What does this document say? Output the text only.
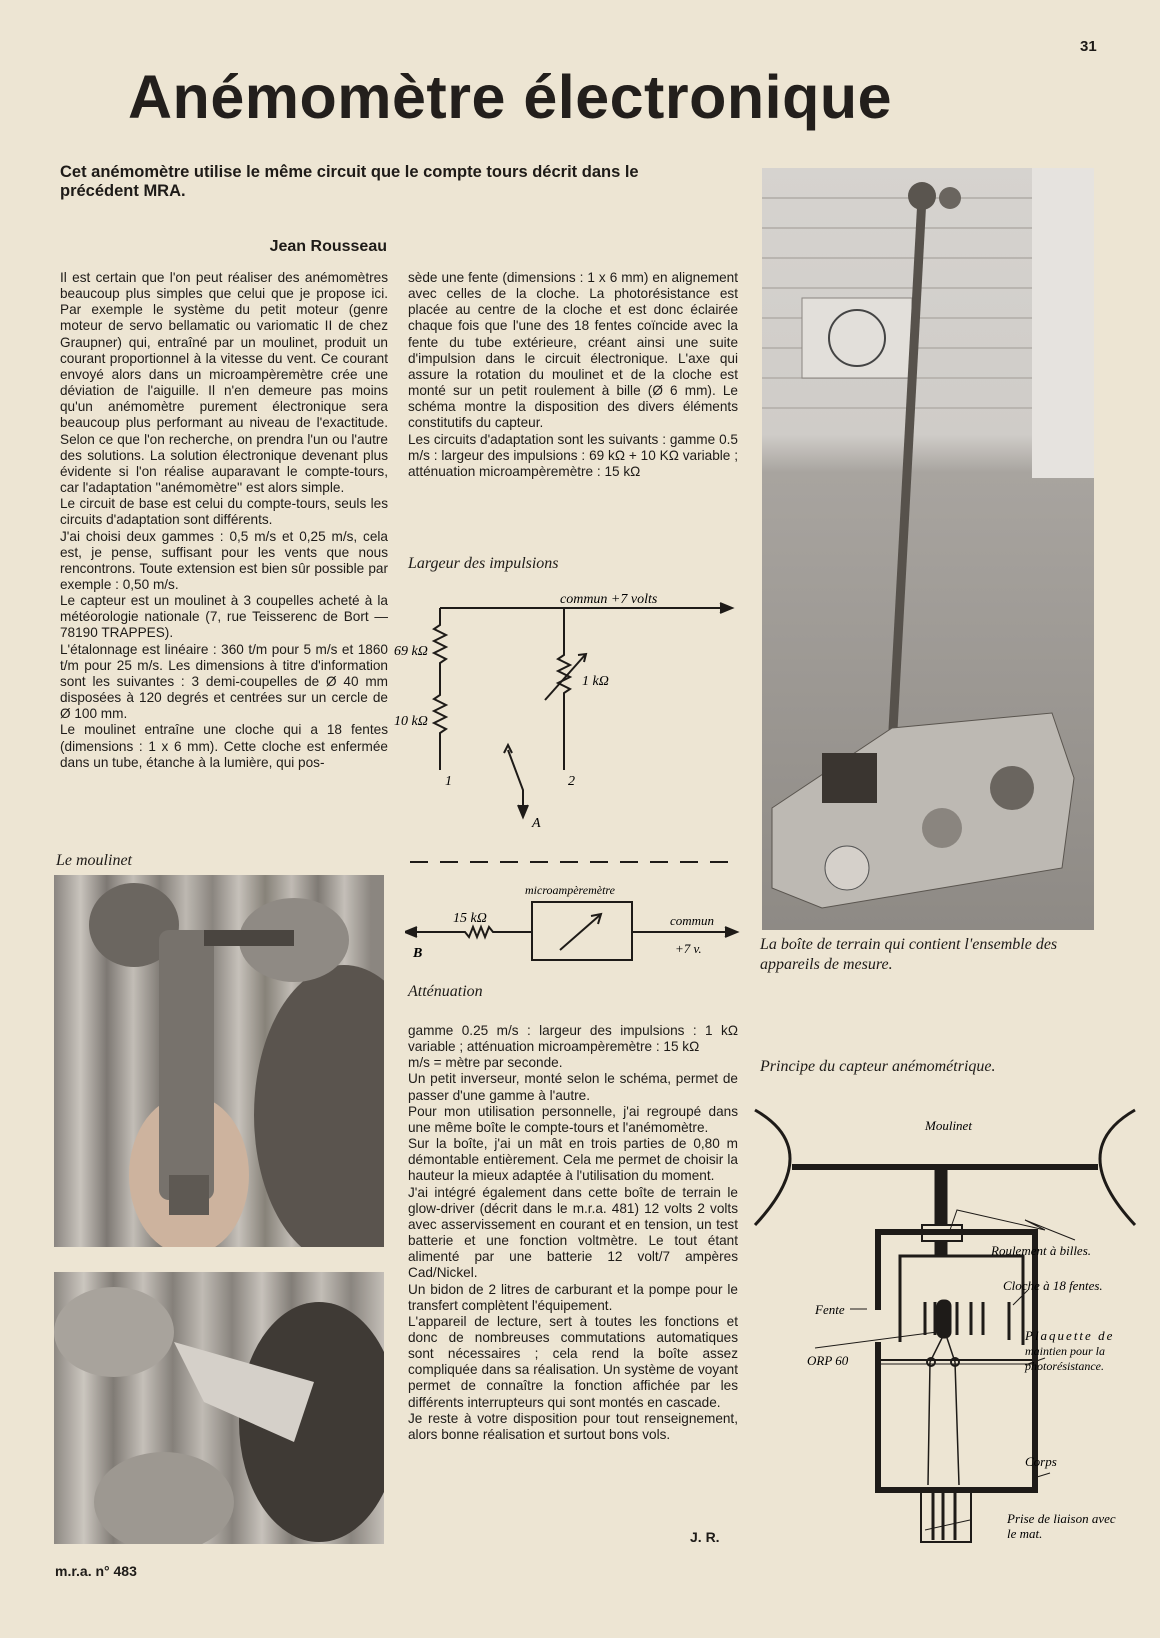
31
Anémomètre électronique
Cet anémomètre utilise le même circuit que le compte tours décrit dans le précédent MRA.
Jean Rousseau

Il est certain que l'on peut réaliser des anémomètres beaucoup plus simples que celui que je propose ici. Par exemple le système du petit moteur (genre moteur de servo bellamatic ou variomatic II de chez Graupner) qui, entraîné par un moulinet, produit un courant proportionnel à la vitesse du vent. Ce courant envoyé alors dans un microampèremètre crée une déviation de l'aiguille. Il n'en demeure pas moins qu'un anémomètre purement électronique sera beaucoup plus performant au niveau de l'exactitude. Selon ce que l'on recherche, on prendra l'un ou l'autre des solutions. La solution électronique devenant plus évidente si l'on réalise auparavant le compte-tours, car l'adaptation ''anémomètre'' est alors simple.

Le circuit de base est celui du compte-tours, seuls les circuits d'adaptation sont différents.

J'ai choisi deux gammes : 0,5 m/s et 0,25 m/s, cela est, je pense, suffisant pour les vents que nous rencontrons. Toute extension est bien sûr possible par exemple : 0,50 m/s.

Le capteur est un moulinet à 3 coupelles acheté à la météorologie nationale (7, rue Teisserenc de Bort — 78190 TRAPPES).

L'étalonnage est linéaire : 360 t/m pour 5 m/s et 1860 t/m pour 25 m/s. Les dimensions à titre d'information sont les suivantes : 3 demi-coupelles de Ø 40 mm disposées à 120 degrés et centrées sur un cercle de Ø 100 mm.

Le moulinet entraîne une cloche qui a 18 fentes (dimensions : 1 x 6 mm). Cette cloche est enfermée dans un tube, étanche à la lumière, qui pos-

Le moulinet

sède une fente (dimensions : 1 x 6 mm) en alignement avec celles de la cloche. La photorésistance est placée au centre de la cloche et est donc éclairée chaque fois que l'une des 18 fentes coïncide avec la fente du tube extérieure, créant ainsi une suite d'impulsion dans le circuit électronique. L'axe qui assure la rotation du moulinet et de la cloche est monté sur un petit roulement à bille (Ø 6 mm). Le schéma montre la disposition des divers éléments constitutifs du capteur.

Les circuits d'adaptation sont les suivants : gamme 0.5 m/s : largeur des impulsions : 69 kΩ + 10 KΩ variable ; atténuation microampèremètre : 15 kΩ

Largeur des impulsions
commun +7 volts
69 kΩ
10 kΩ
1 kΩ
1	2
A
microampèremètre
15 kΩ
B
commun
+7 v.
Atténuation

gamme 0.25 m/s : largeur des impulsions : 1 kΩ variable ; atténuation microampèremètre : 15 kΩ

m/s = mètre par seconde.

Un petit inverseur, monté selon le schéma, permet de passer d'une gamme à l'autre.

Pour mon utilisation personnelle, j'ai regroupé dans une même boîte le compte-tours et l'anémomètre.

Sur la boîte, j'ai un mât en trois parties de 0,80 m démontable entièrement. Cela me permet de choisir la hauteur la mieux adaptée à l'utilisation du moment.

J'ai intégré également dans cette boîte de terrain le glow-driver (décrit dans le m.r.a. 481) 12 volts 2 volts avec asservissement en courant et en tension, un test batterie et une fonction voltmètre. Le tout étant alimenté par une batterie 12 volt/7 ampères Cad/Nickel.

Un bidon de 2 litres de carburant et la pompe pour le transfert complètent l'équipement.

L'appareil de lecture, sert à toutes les fonctions et donc de nombreuses commutations automatiques sont nécessaires ; cela rend la boîte assez compliquée dans sa réalisation. Un système de voyant permet de connaître la fonction affichée par les différents interrupteurs qui sont montés en cascade.

Je reste à votre disposition pour tout renseignement, alors bonne réalisation et surtout bons vols.

J. R.
m.r.a. n° 483
La boîte de terrain qui contient l'ensemble des appareils de mesure.
Principe du capteur anémométrique.
Moulinet
Roulement à billes.
Cloche à 18 fentes.
Fente
ORP 60
Plaquette de
maintien pour la
photorésistance.
Corps
Prise de liaison avec
le mat.
